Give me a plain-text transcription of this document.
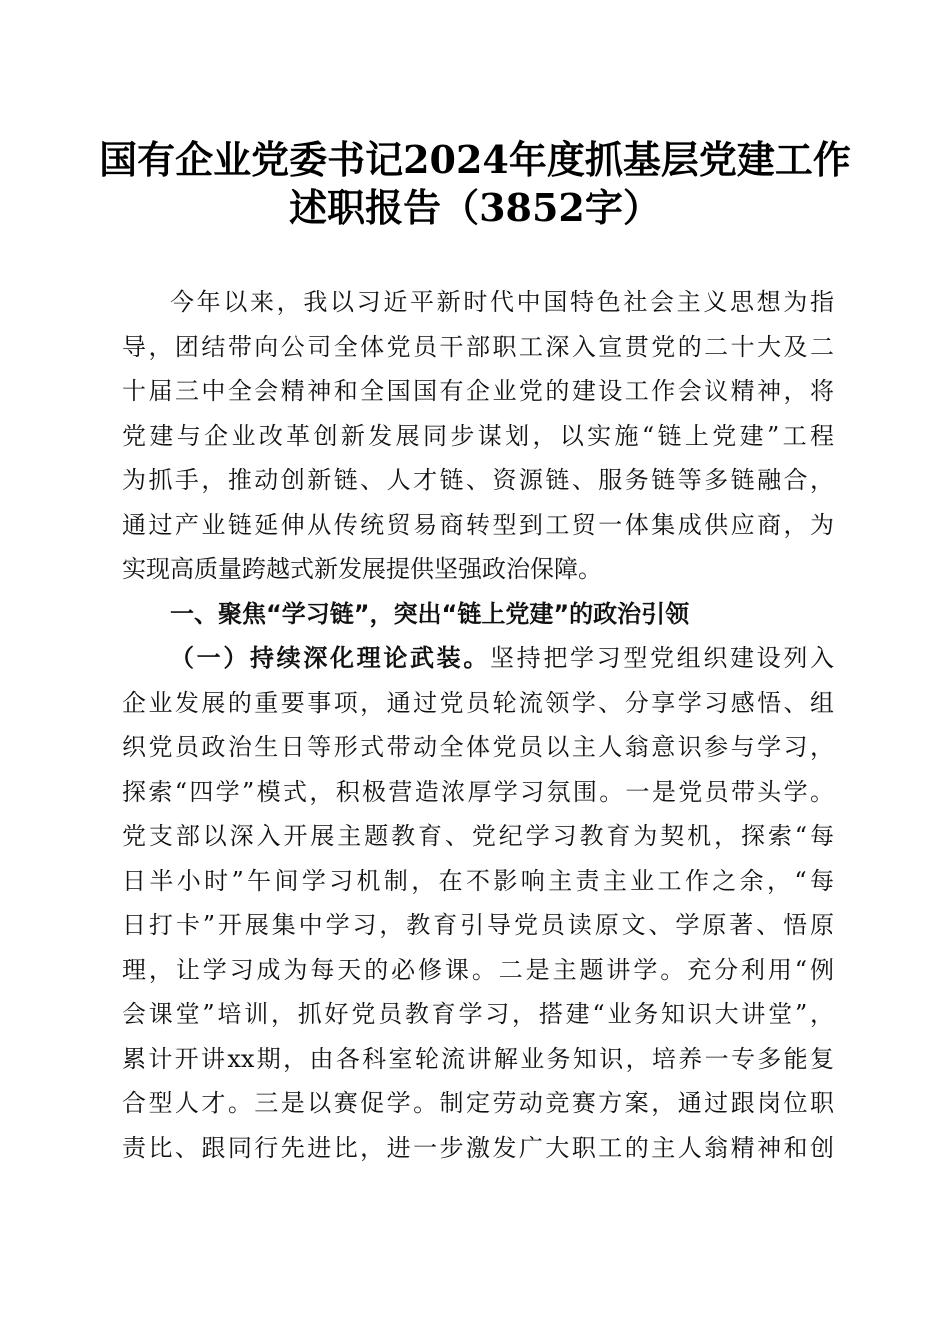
国有企业党委书记2024年度抓基层党建工作
述职报告（3852字）
今年以来，我以习近平新时代中国特色社会主义思想为指
导，团结带向公司全体党员干部职工深入宣贯党的二十大及二
十届三中全会精神和全国国有企业党的建设工作会议精神，将
党建与企业改革创新发展同步谋划，以实施“链上党建”工程
为抓手，推动创新链、人才链、资源链、服务链等多链融合，
通过产业链延伸从传统贸易商转型到工贸一体集成供应商，为
实现高质量跨越式新发展提供坚强政治保障。
一、聚焦“学习链”，突出“链上党建”的政治引领
（一）持续深化理论武装。坚持把学习型党组织建设列入
企业发展的重要事项，通过党员轮流领学、分享学习感悟、组
织党员政治生日等形式带动全体党员以主人翁意识参与学习，
探索“四学”模式，积极营造浓厚学习氛围。一是党员带头学。
党支部以深入开展主题教育、党纪学习教育为契机，探索“每
日半小时”午间学习机制，在不影响主责主业工作之余，“每
日打卡”开展集中学习，教育引导党员读原文、学原著、悟原
理，让学习成为每天的必修课。二是主题讲学。充分利用“例
会课堂”培训，抓好党员教育学习，搭建“业务知识大讲堂”，
累计开讲xx期，由各科室轮流讲解业务知识，培养一专多能复
合型人才。三是以赛促学。制定劳动竞赛方案，通过跟岗位职
责比、跟同行先进比，进一步激发广大职工的主人翁精神和创
